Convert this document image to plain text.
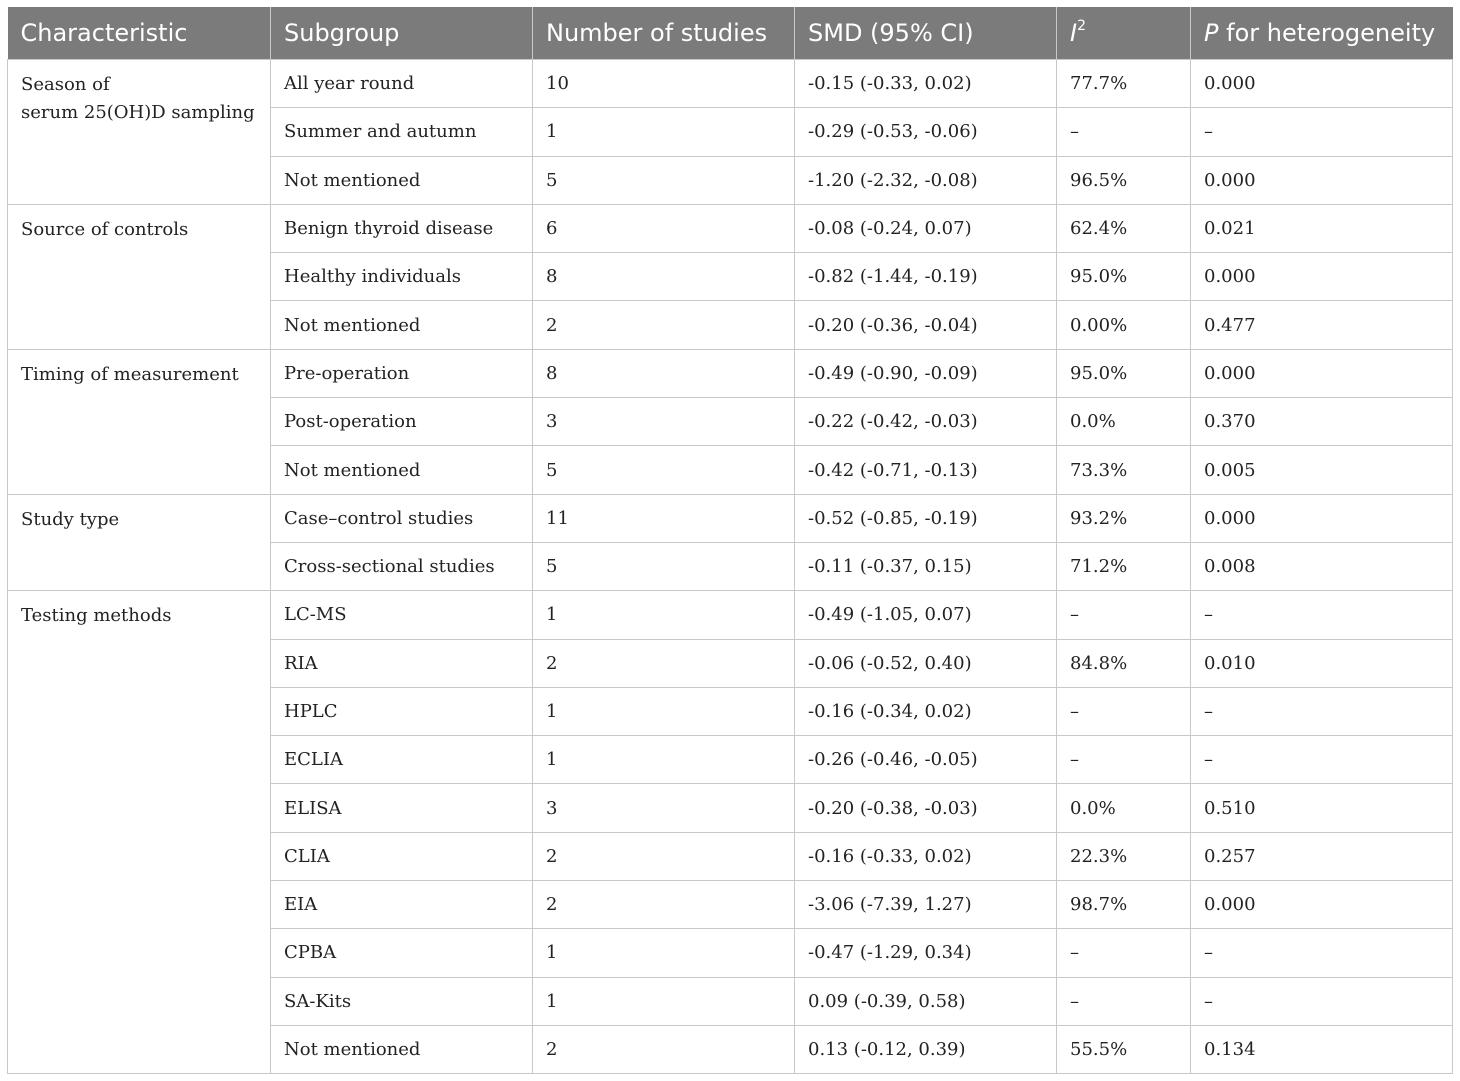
Characteristic	Subgroup	Number of studies	SMD (95% CI)	$I^2$	P for heterogeneity

Season of
serum 25(OH)D sampling	All year round	10	-0.15 (-0.33, 0.02)	77.7%	0.000
	Summer and autumn	1	-0.29 (-0.53, -0.06)	–	–
	Not mentioned	5	-1.20 (-2.32, -0.08)	96.5%	0.000

Source of controls	Benign thyroid disease	6	-0.08 (-0.24, 0.07)	62.4%	0.021
	Healthy individuals	8	-0.82 (-1.44, -0.19)	95.0%	0.000
	Not mentioned	2	-0.20 (-0.36, -0.04)	0.00%	0.477

Timing of measurement	Pre-operation	8	-0.49 (-0.90, -0.09)	95.0%	0.000
	Post-operation	3	-0.22 (-0.42, -0.03)	0.0%	0.370
	Not mentioned	5	-0.42 (-0.71, -0.13)	73.3%	0.005

Study type	Case–control studies	11	-0.52 (-0.85, -0.19)	93.2%	0.000
	Cross-sectional studies	5	-0.11 (-0.37, 0.15)	71.2%	0.008

Testing methods	LC-MS	1	-0.49 (-1.05, 0.07)	–	–
	RIA	2	-0.06 (-0.52, 0.40)	84.8%	0.010
	HPLC	1	-0.16 (-0.34, 0.02)	–	–
	ECLIA	1	-0.26 (-0.46, -0.05)	–	–
	ELISA	3	-0.20 (-0.38, -0.03)	0.0%	0.510
	CLIA	2	-0.16 (-0.33, 0.02)	22.3%	0.257
	EIA	2	-3.06 (-7.39, 1.27)	98.7%	0.000
	CPBA	1	-0.47 (-1.29, 0.34)	–	–
	SA-Kits	1	0.09 (-0.39, 0.58)	–	–
	Not mentioned	2	0.13 (-0.12, 0.39)	55.5%	0.134
